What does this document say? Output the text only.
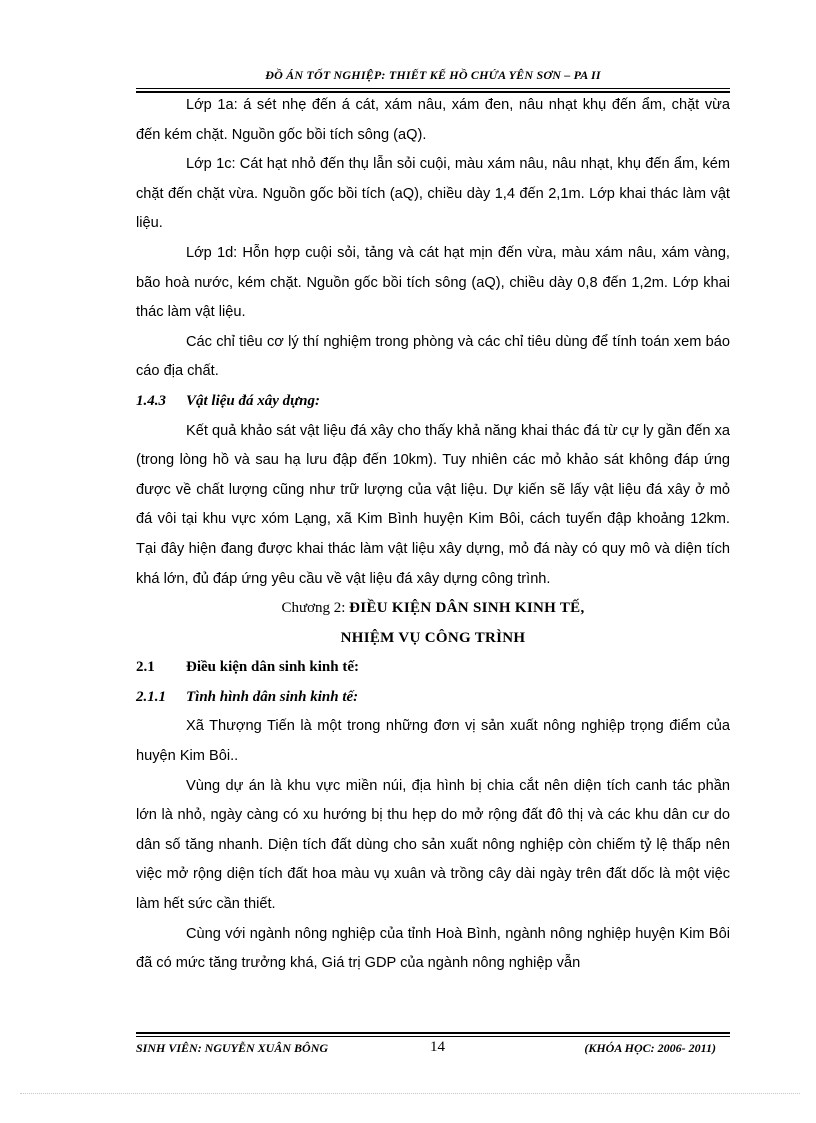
ĐỒ ÁN TỐT NGHIỆP: THIẾT KẾ HỒ CHỨA YÊN SƠN – PA II

Lớp 1a: á sét nhẹ đến á cát, xám nâu, xám đen, nâu nhạt khụ đến ẩm, chặt vừa đến kém chặt. Nguồn gốc bồi tích sông (aQ).

Lớp 1c: Cát hạt nhỏ đến thụ lẫn sỏi cuội, màu xám nâu, nâu nhạt, khụ đến ẩm, kém chặt đến chặt vừa. Nguồn gốc bồi tích (aQ), chiều dày 1,4 đến 2,1m. Lớp khai thác làm vật liệu.

Lớp 1d: Hỗn hợp cuội sỏi, tảng và cát hạt mịn đến vừa, màu xám nâu, xám vàng, bão hoà nước, kém chặt. Nguồn gốc bồi tích sông (aQ), chiều dày 0,8 đến 1,2m. Lớp khai thác làm vật liệu.

Các chỉ tiêu cơ lý thí nghiệm trong phòng và các chỉ tiêu dùng để tính toán xem báo cáo địa chất.

1.4.3 Vật liệu đá xây dựng:

Kết quả khảo sát vật liệu đá xây cho thấy khả năng khai thác đá từ cự ly gần đến xa (trong lòng hồ và sau hạ lưu đập đến 10km). Tuy nhiên các mỏ khảo sát không đáp ứng được về chất lượng cũng như trữ lượng của vật liệu. Dự kiến sẽ lấy vật liệu đá xây ở mỏ đá vôi tại khu vực xóm Lạng, xã Kim Bình huyện Kim Bôi, cách tuyến đập khoảng 12km. Tại đây hiện đang được khai thác làm vật liệu xây dựng, mỏ đá này có quy mô và diện tích khá lớn, đủ đáp ứng yêu cầu về vật liệu đá xây dựng công trình.

Chương 2: ĐIỀU KIỆN DÂN SINH KINH TẾ,

NHIỆM VỤ CÔNG TRÌNH

2.1 Điều kiện dân sinh kinh tế:

2.1.1 Tình hình dân sinh kinh tế:

Xã Thượng Tiến là một trong những đơn vị sản xuất nông nghiệp trọng điểm của huyện Kim Bôi..

Vùng dự án là khu vực miền núi, địa hình bị chia cắt nên diện tích canh tác phần lớn là nhỏ, ngày càng có xu hướng bị thu hẹp do mở rộng đất đô thị và các khu dân cư do dân số tăng nhanh. Diện tích đất dùng cho sản xuất nông nghiệp còn chiếm tỷ lệ thấp nên việc mở rộng diện tích đất hoa màu vụ xuân và trồng cây dài ngày trên đất dốc là một việc làm hết sức cần thiết.

Cùng với ngành nông nghiệp của tỉnh Hoà Bình, ngành nông nghiệp huyện Kim Bôi đã có mức tăng trưởng khá, Giá trị GDP của ngành nông nghiệp vẫn

SINH VIÊN: NGUYỄN XUÂN BÔNG	14	(KHÓA HỌC: 2006- 2011)
